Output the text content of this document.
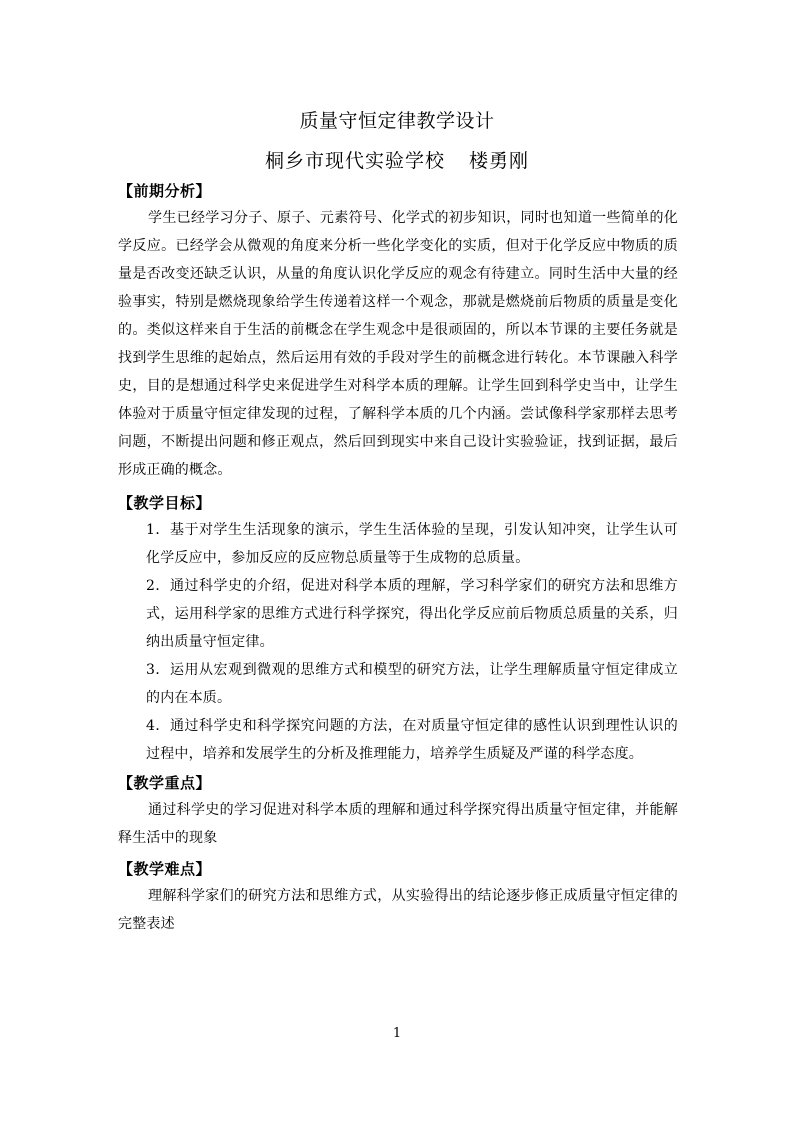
质量守恒定律教学设计
桐乡市现代实验学校 楼勇刚
【前期分析】
学生已经学习分子、原子、元素符号、化学式的初步知识，同时也知道一些简单的化学反应。已经学会从微观的角度来分析一些化学变化的实质，但对于化学反应中物质的质量是否改变还缺乏认识，从量的角度认识化学反应的观念有待建立。同时生活中大量的经验事实，特别是燃烧现象给学生传递着这样一个观念，那就是燃烧前后物质的质量是变化的。类似这样来自于生活的前概念在学生观念中是很顽固的，所以本节课的主要任务就是找到学生思维的起始点，然后运用有效的手段对学生的前概念进行转化。本节课融入科学史，目的是想通过科学史来促进学生对科学本质的理解。让学生回到科学史当中，让学生体验对于质量守恒定律发现的过程，了解科学本质的几个内涵。尝试像科学家那样去思考问题，不断提出问题和修正观点，然后回到现实中来自己设计实验验证，找到证据，最后形成正确的概念。
【教学目标】
1．基于对学生生活现象的演示，学生生活体验的呈现，引发认知冲突，让学生认可化学反应中，参加反应的反应物总质量等于生成物的总质量。
2．通过科学史的介绍，促进对科学本质的理解，学习科学家们的研究方法和思维方式，运用科学家的思维方式进行科学探究，得出化学反应前后物质总质量的关系，归纳出质量守恒定律。
3．运用从宏观到微观的思维方式和模型的研究方法，让学生理解质量守恒定律成立的内在本质。
4．通过科学史和科学探究问题的方法，在对质量守恒定律的感性认识到理性认识的过程中，培养和发展学生的分析及推理能力，培养学生质疑及严谨的科学态度。
【教学重点】
通过科学史的学习促进对科学本质的理解和通过科学探究得出质量守恒定律，并能解释生活中的现象
【教学难点】
理解科学家们的研究方法和思维方式，从实验得出的结论逐步修正成质量守恒定律的完整表述
1
